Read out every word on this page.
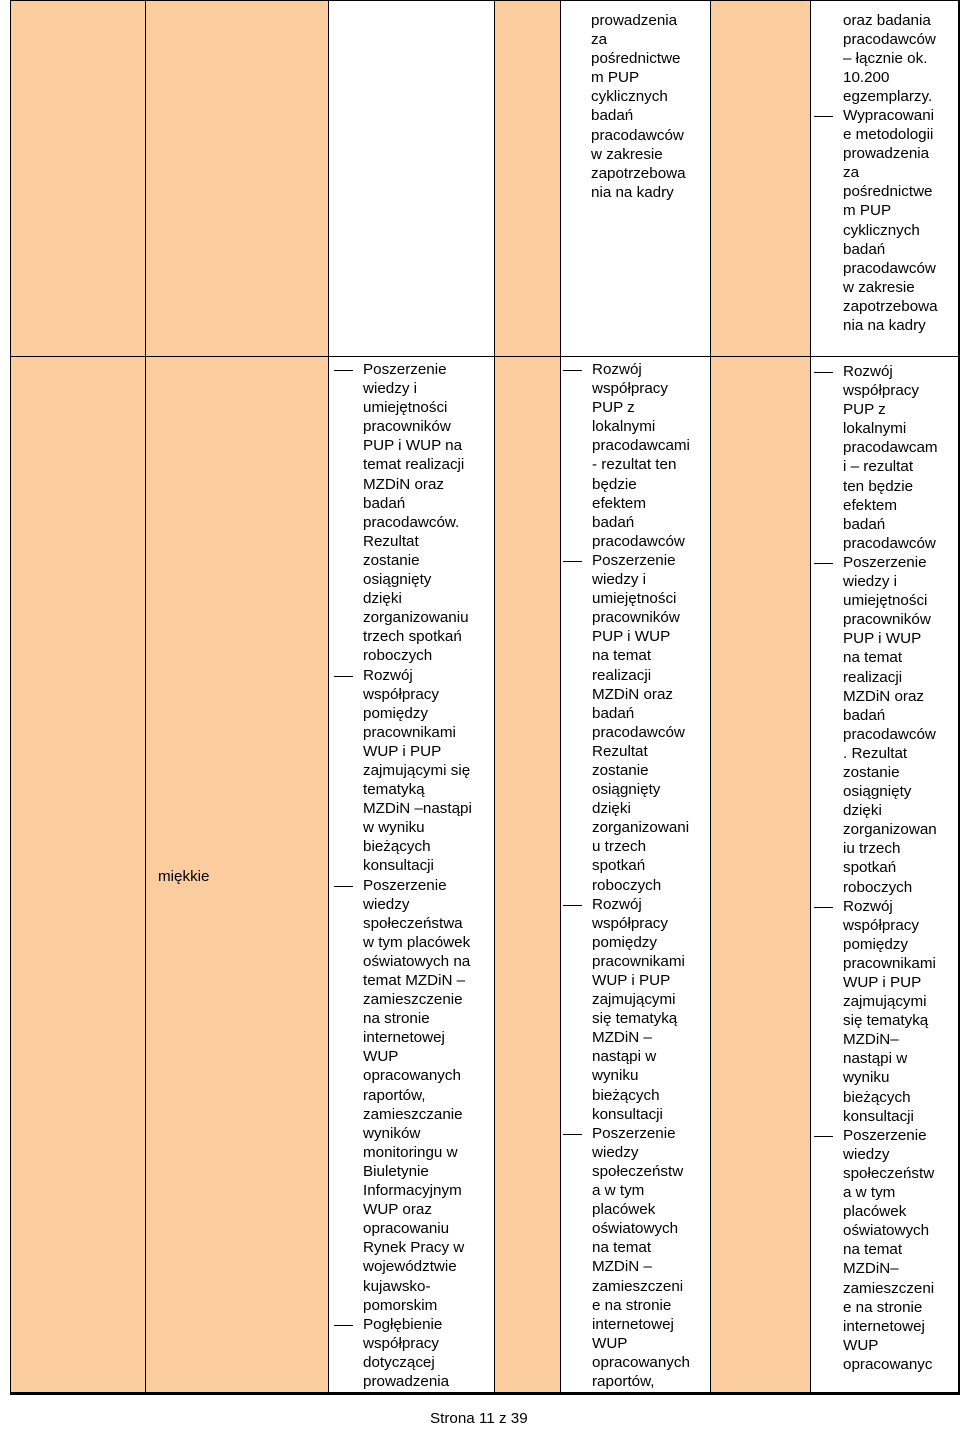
prowadzenia
za
pośrednictwe
m PUP
cyklicznych
badań
pracodawców
w zakresie
zapotrzebowa
nia na kadry
oraz badania
pracodawców
– łącznie ok.
10.200
egzemplarzy.
Wypracowani
e metodologii
prowadzenia
za
pośrednictwe
m PUP
cyklicznych
badań
pracodawców
w zakresie
zapotrzebowa
nia na kadry
miękkie
Poszerzenie
wiedzy i
umiejętności
pracowników
PUP i WUP na
temat realizacji
MZDiN oraz
badań
pracodawców.
Rezultat
zostanie
osiągnięty
dzięki
zorganizowaniu
trzech spotkań
roboczych
Rozwój
współpracy
pomiędzy
pracownikami
WUP i PUP
zajmującymi się
tematyką
MZDiN –nastąpi
w wyniku
bieżących
konsultacji
Poszerzenie
wiedzy
społeczeństwa
w tym placówek
oświatowych na
temat MZDiN –
zamieszczenie
na stronie
internetowej
WUP
opracowanych
raportów,
zamieszczanie
wyników
monitoringu w
Biuletynie
Informacyjnym
WUP oraz
opracowaniu
Rynek Pracy w
województwie
kujawsko-
pomorskim
Pogłębienie
współpracy
dotyczącej
prowadzenia
Rozwój
współpracy
PUP z
lokalnymi
pracodawcami
- rezultat ten
będzie
efektem
badań
pracodawców
Poszerzenie
wiedzy i
umiejętności
pracowników
PUP i WUP
na temat
realizacji
MZDiN oraz
badań
pracodawców
Rezultat
zostanie
osiągnięty
dzięki
zorganizowani
u trzech
spotkań
roboczych
Rozwój
współpracy
pomiędzy
pracownikami
WUP i PUP
zajmującymi
się tematyką
MZDiN –
nastąpi w
wyniku
bieżących
konsultacji
Poszerzenie
wiedzy
społeczeństw
a w tym
placówek
oświatowych
na temat
MZDiN –
zamieszczeni
e na stronie
internetowej
WUP
opracowanych
raportów,
Rozwój
współpracy
PUP z
lokalnymi
pracodawcam
i – rezultat
ten będzie
efektem
badań
pracodawców
Poszerzenie
wiedzy i
umiejętności
pracowników
PUP i WUP
na temat
realizacji
MZDiN oraz
badań
pracodawców
. Rezultat
zostanie
osiągnięty
dzięki
zorganizowan
iu trzech
spotkań
roboczych
Rozwój
współpracy
pomiędzy
pracownikami
WUP i PUP
zajmującymi
się tematyką
MZDiN–
nastąpi w
wyniku
bieżących
konsultacji
Poszerzenie
wiedzy
społeczeństw
a w tym
placówek
oświatowych
na temat
MZDiN–
zamieszczeni
e na stronie
internetowej
WUP
opracowanyc
Strona 11 z 39
